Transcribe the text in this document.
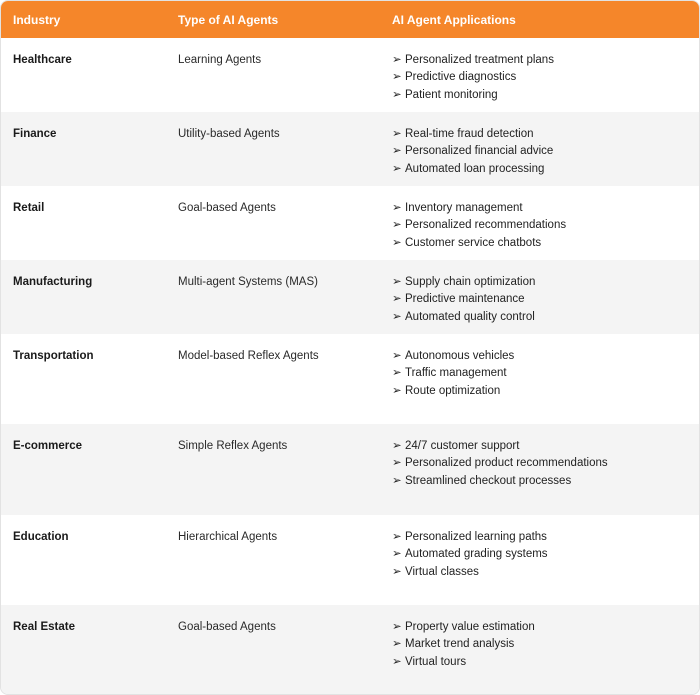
Industry	Type of AI Agents	AI Agent Applications
Healthcare	Learning Agents	➢ Personalized treatment plans
➢ Predictive diagnostics
➢ Patient monitoring
Finance	Utility-based Agents	➢ Real-time fraud detection
➢ Personalized financial advice
➢ Automated loan processing
Retail	Goal-based Agents	➢ Inventory management
➢ Personalized recommendations
➢ Customer service chatbots
Manufacturing	Multi-agent Systems (MAS)	➢ Supply chain optimization
➢ Predictive maintenance
➢ Automated quality control
Transportation	Model-based Reflex Agents	➢ Autonomous vehicles
➢ Traffic management
➢ Route optimization
E-commerce	Simple Reflex Agents	➢ 24/7 customer support
➢ Personalized product recommendations
➢ Streamlined checkout processes
Education	Hierarchical Agents	➢ Personalized learning paths
➢ Automated grading systems
➢ Virtual classes
Real Estate	Goal-based Agents	➢ Property value estimation
➢ Market trend analysis
➢ Virtual tours
